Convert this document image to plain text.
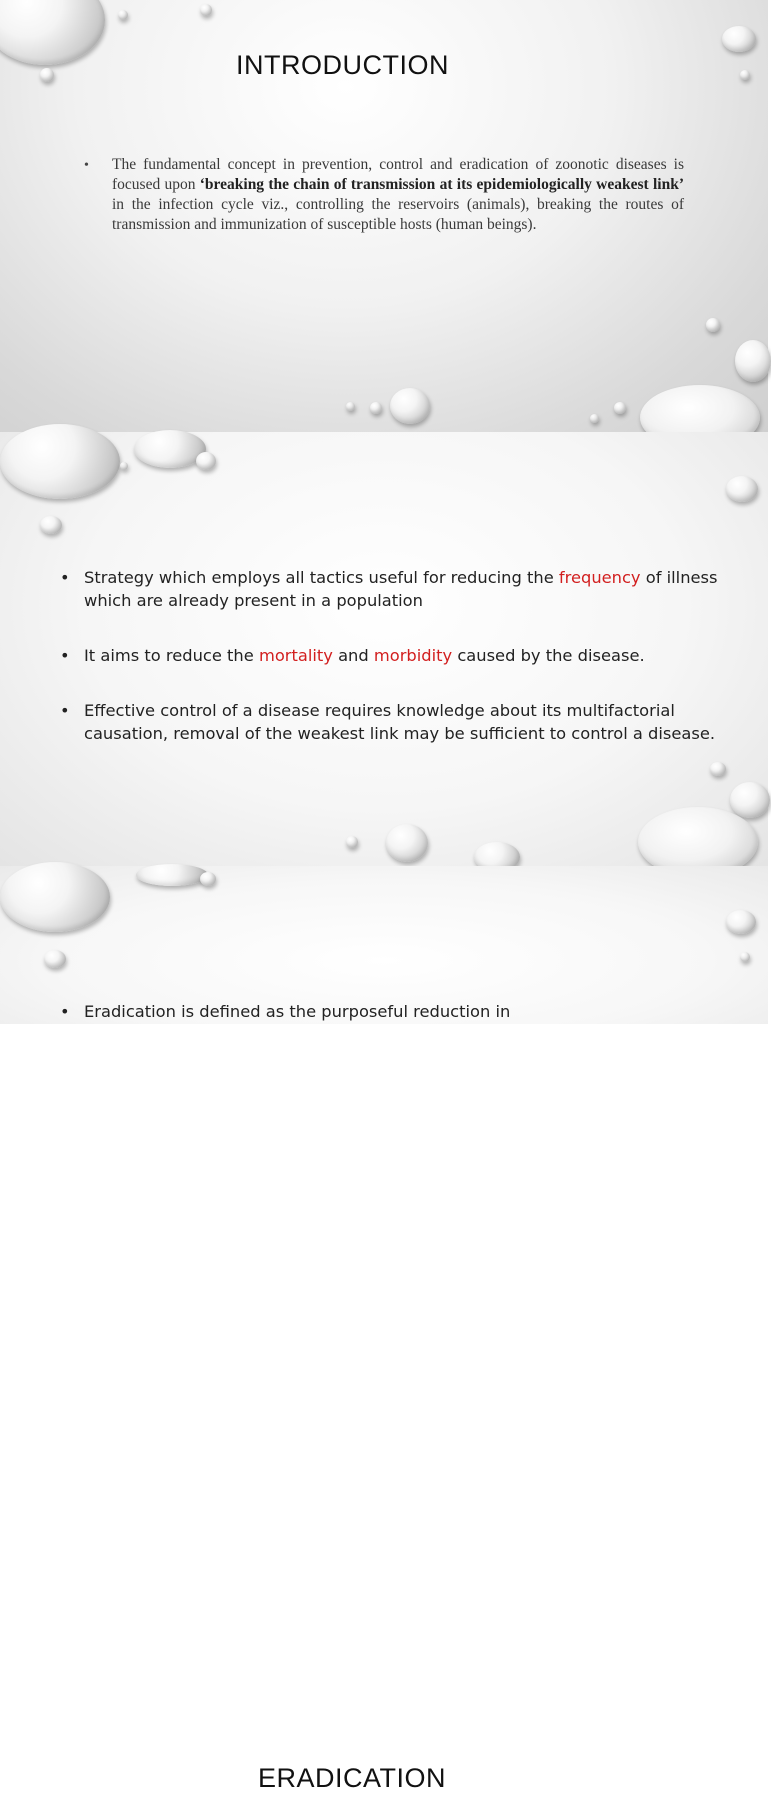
INTRODUCTION
• The fundamental concept in prevention, control and eradication of zoonotic diseases is focused upon ‘breaking the chain of transmission at its epidemiologically weakest link’ in the infection cycle viz., controlling the reservoirs (animals), breaking the routes of transmission and immunization of susceptible hosts (human beings).
• Strategy which employs all tactics useful for reducing the frequency of illness which are already present in a population
• It aims to reduce the mortality and morbidity caused by the disease.
• Effective control of a disease requires knowledge about its multifactorial causation, removal of the weakest link may be sufficient to control a disease.
ERADICATION
• Eradication is defined as the purposeful reduction in
